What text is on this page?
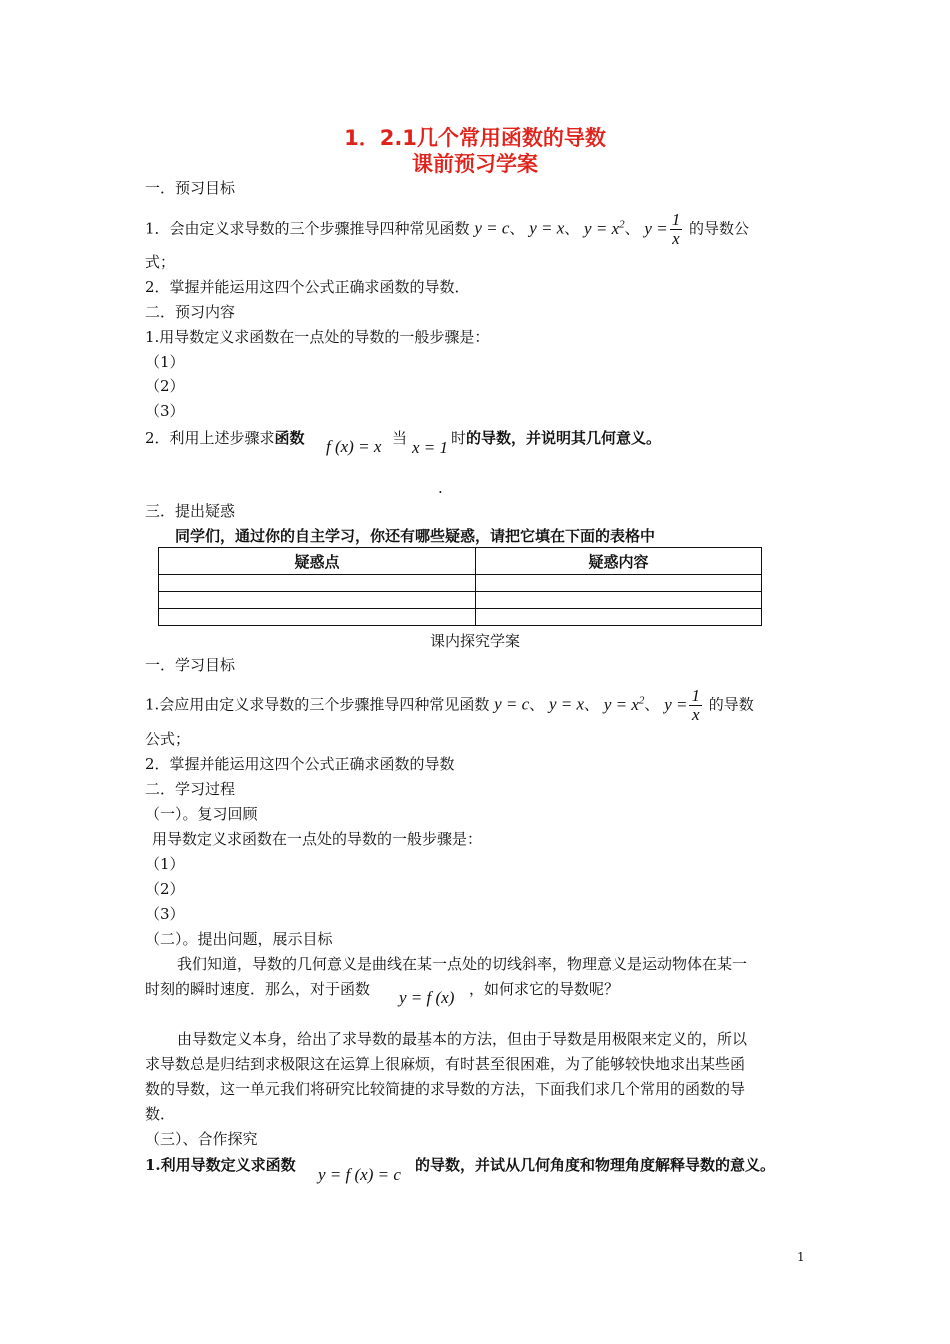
1．2.1几个常用函数的导数
课前预习学案
一．预习目标
1．会由定义求导数的三个步骤推导四种常见函数 y = c、 y = x、 $y = x^2$、 $y = \frac{1}{x}$ 的导数公
式；
2．掌握并能运用这四个公式正确求函数的导数．
二．预习内容
1.用导数定义求函数在一点处的导数的一般步骤是：
（1）
（2）
（3）
2．利用上述步骤求函数 f (x) = x 当 x = 1 时的导数，并说明其几何意义。
.
三．提出疑惑
同学们，通过你的自主学习，你还有哪些疑惑，请把它填在下面的表格中
疑惑点	疑惑内容

课内探究学案
一．学习目标
1.会应用由定义求导数的三个步骤推导四种常见函数 y = c、 y = x、 $y = x^2$、 $y = \frac{1}{x}$ 的导数
公式；
2．掌握并能运用这四个公式正确求函数的导数
二．学习过程
（一）。复习回顾
用导数定义求函数在一点处的导数的一般步骤是：
（1）
（2）
（3）
（二）。提出问题，展示目标
我们知道，导数的几何意义是曲线在某一点处的切线斜率，物理意义是运动物体在某一
时刻的瞬时速度．那么，对于函数 y = f (x) ，如何求它的导数呢？
由导数定义本身，给出了求导数的最基本的方法，但由于导数是用极限来定义的，所以
求导数总是归结到求极限这在运算上很麻烦，有时甚至很困难，为了能够较快地求出某些函
数的导数，这一单元我们将研究比较简捷的求导数的方法，下面我们求几个常用的函数的导
数．
（三）、合作探究
1.利用导数定义求函数 y = f (x) = c 的导数，并试从几何角度和物理角度解释导数的意义。
1
